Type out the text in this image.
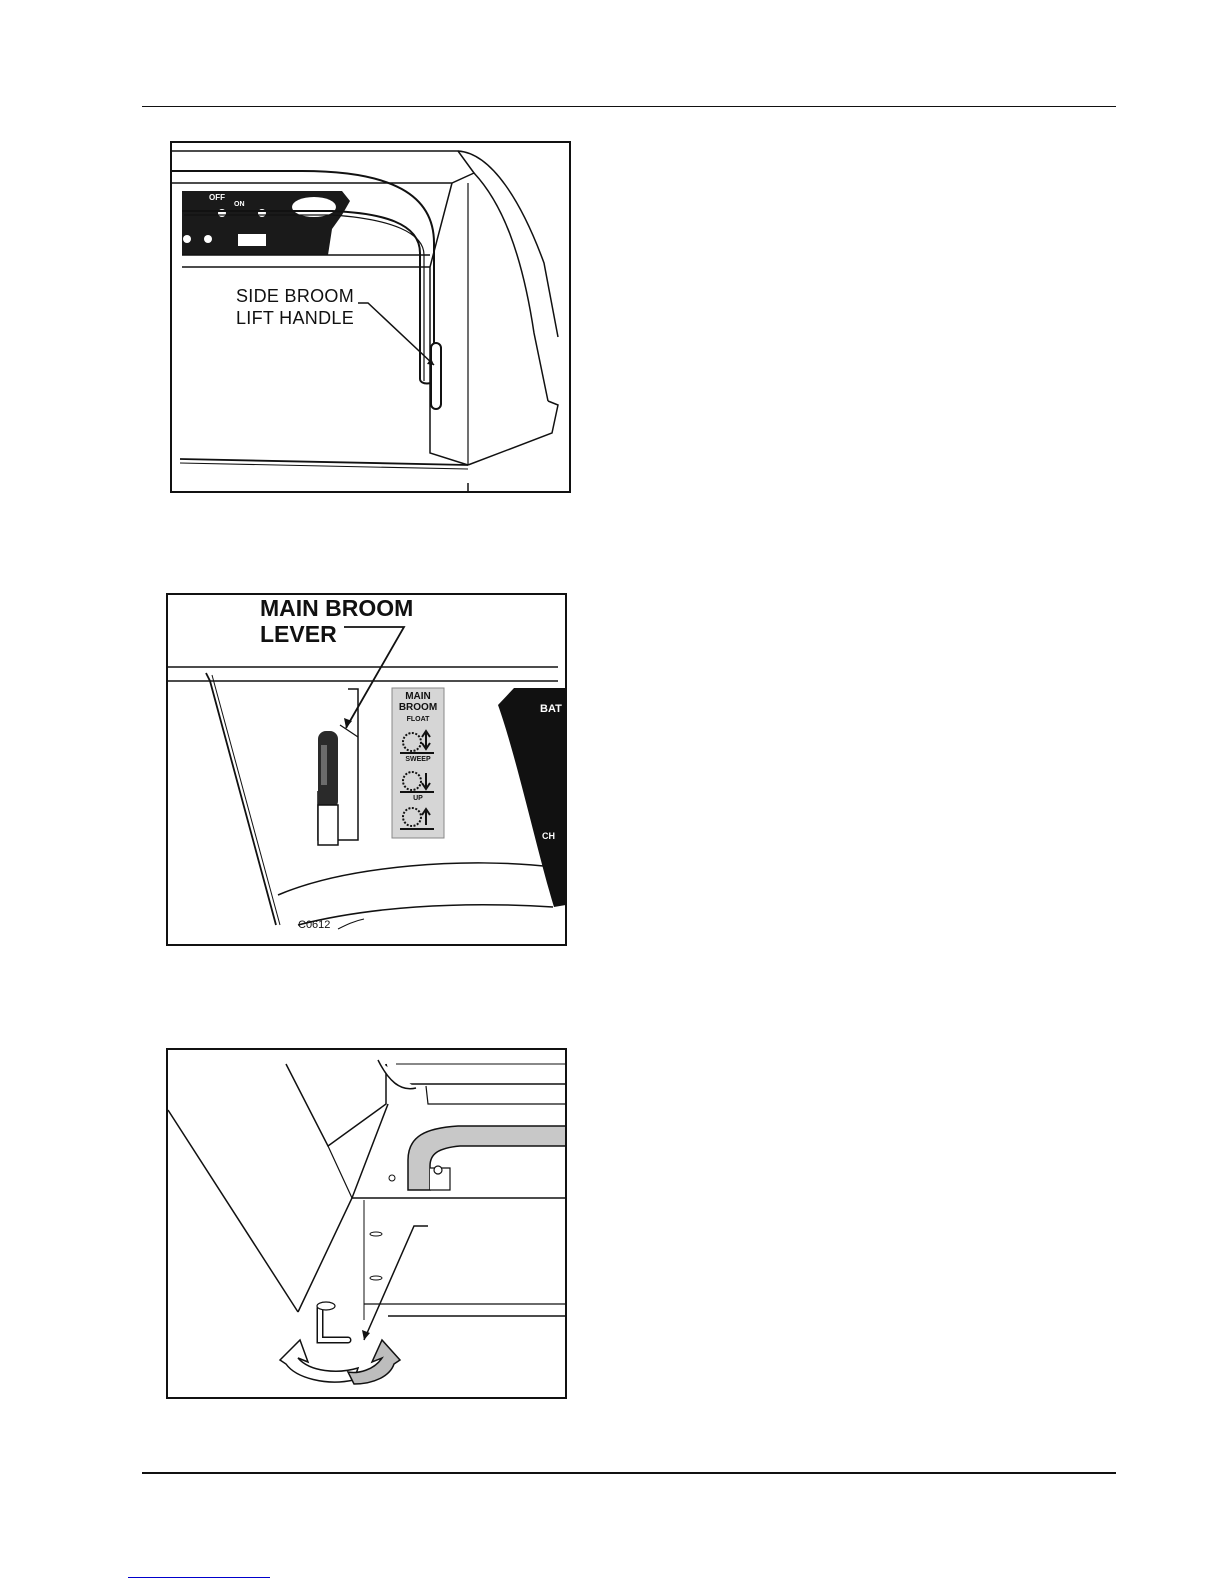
OFF
ON
SIDE BROOM
LIFT HANDLE
MAIN BROOM
LEVER
MAIN
BROOM
FLOAT
SWEEP
UP
BAT
CH
C0612
